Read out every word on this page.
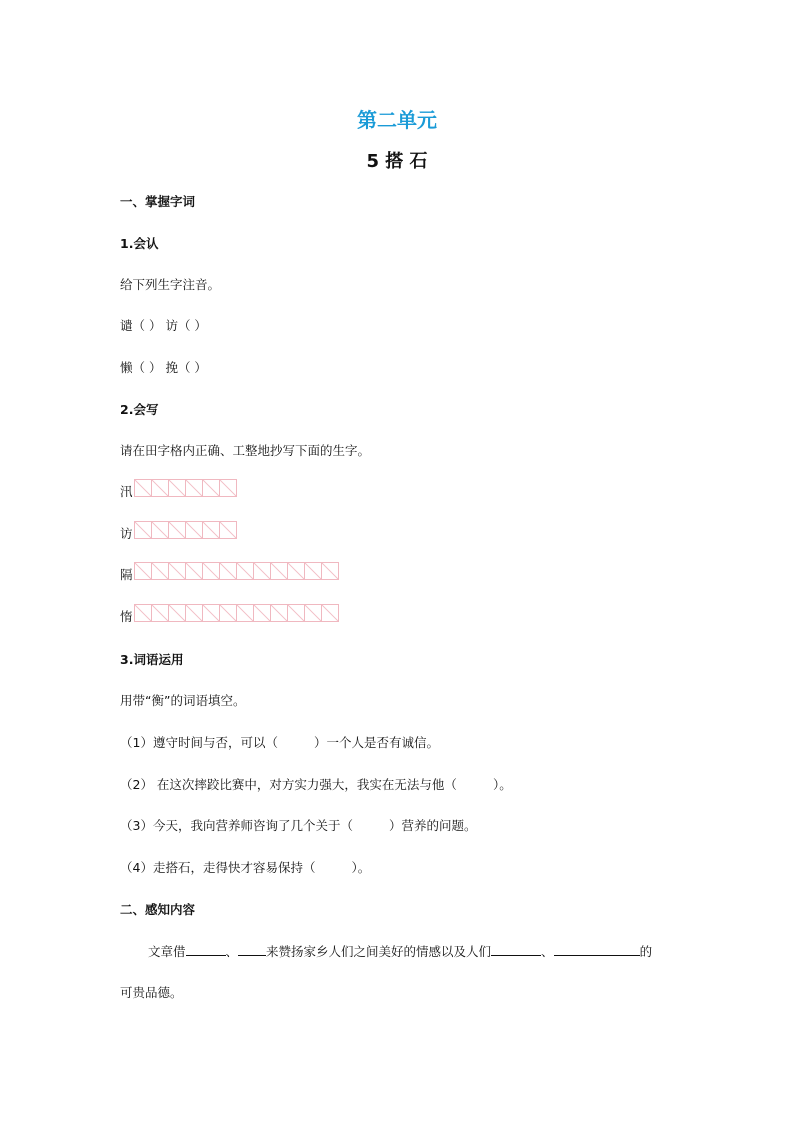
第二单元
5 搭 石
一、掌握字词
1.会认
给下列生字注音。
谴（ ） 访（ ）
懒（ ） 挽（ ）
2.会写
请在田字格内正确、工整地抄写下面的生字。
汛
访
隔
惰
3.词语运用
用带“衡”的词语填空。
（1）遵守时间与否，可以（	）一个人是否有诚信。
（2） 在这次摔跤比赛中，对方实力强大，我实在无法与他（	）。
（3）今天，我向营养师咨询了几个关于（	）营养的问题。
（4）走搭石，走得快才容易保持（	）。
二、感知内容
文章借	、 来赞扬家乡人们之间美好的情感以及人们	、	的
可贵品德。
